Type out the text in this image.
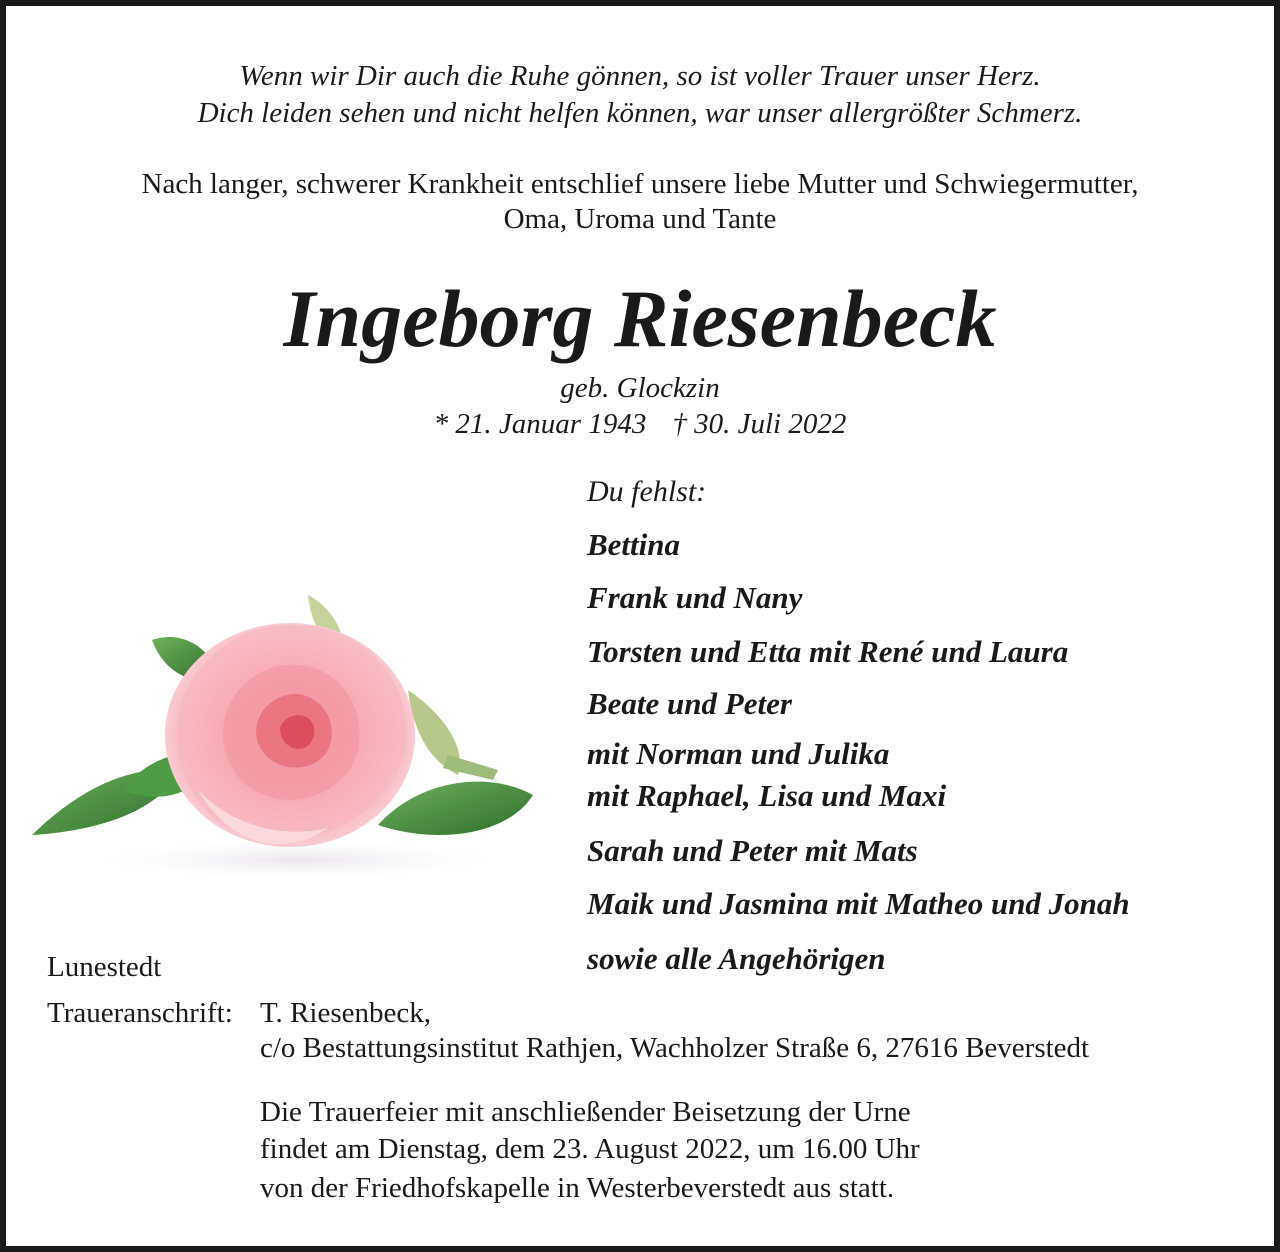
Wenn wir Dir auch die Ruhe gönnen, so ist voller Trauer unser Herz.
Dich leiden sehen und nicht helfen können, war unser allergrößter Schmerz.
Nach langer, schwerer Krankheit entschlief unsere liebe Mutter und Schwiegermutter,
Oma, Uroma und Tante
Ingeborg Riesenbeck
geb. Glockzin
* 21. Januar 1943 † 30. Juli 2022
Du fehlst:
Bettina
Frank und Nany
Torsten und Etta mit René und Laura
Beate und Peter
mit Norman und Julika
mit Raphael, Lisa und Maxi
Sarah und Peter mit Mats
Maik und Jasmina mit Matheo und Jonah
sowie alle Angehörigen
Lunestedt
Traueranschrift: T. Riesenbeck,
c/o Bestattungsinstitut Rathjen, Wachholzer Straße 6, 27616 Beverstedt
Die Trauerfeier mit anschließender Beisetzung der Urne
findet am Dienstag, dem 23. August 2022, um 16.00 Uhr
von der Friedhofskapelle in Westerbeverstedt aus statt.
